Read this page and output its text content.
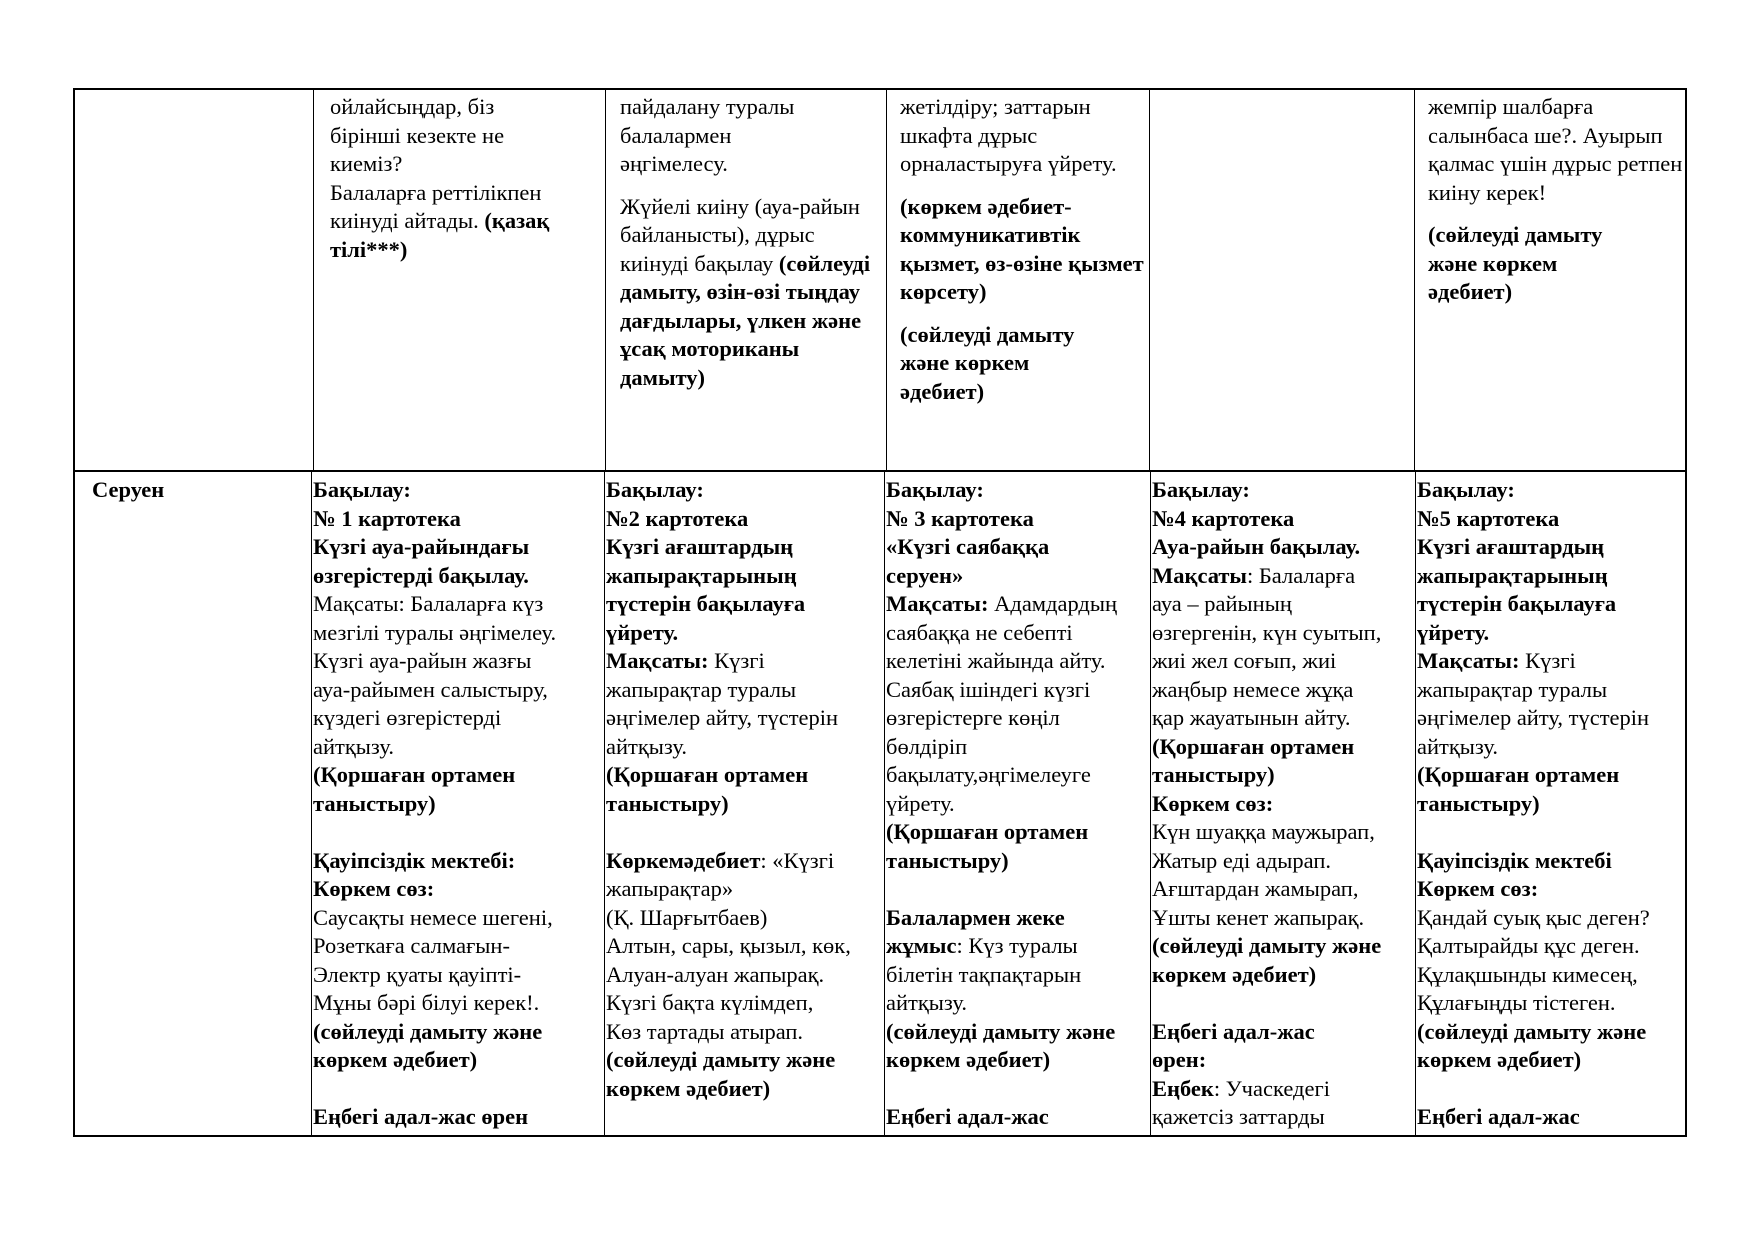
ойлайсыңдар, біз
бірінші кезекте не
киеміз?
Балаларға реттілікпен
киінуді айтады. (қазақ
тілі***)
пайдалану туралы
балалармен
әңгімелесу.
Жүйелі киіну (ауа-райын
байланысты), дұрыс
киінуді бақылау (сөйлеуді
дамыту, өзін-өзі тыңдау
дағдылары, үлкен және
ұсақ моториканы
дамыту)
жетілдіру; заттарын
шкафта дұрыс
орналастыруға үйрету.
(көркем әдебиет-
коммуникативтік
қызмет, өз-өзіне қызмет
көрсету)
(сөйлеуді дамыту
және көркем
әдебиет)
жемпір шалбарға
салынбаса ше?. Ауырып
қалмас үшін дұрыс ретпен
киіну керек!
(сөйлеуді дамыту
және көркем
әдебиет)
Серуен	Бақылау:
№ 1 картотека
Күзгі ауа-райындағы
өзгерістерді бақылау.
Мақсаты: Балаларға күз
мезгілі туралы әңгімелеу.
Күзгі ауа-райын жазғы
ауа-райымен салыстыру,
күздегі өзгерістерді
айтқызу.
(Қоршаған ортамен
таныстыру)
Қауіпсіздік мектебі:
Көркем сөз:
Саусақты немесе шегені,
Розеткаға салмағын-
Электр қуаты қауіпті-
Мұны бәрі білуі керек!.
(сөйлеуді дамыту және
көркем әдебиет)
Еңбегі адал-жас өрен
Бақылау:
№2 картотека
Күзгі ағаштардың
жапырақтарының
түстерін бақылауға
үйрету.
Мақсаты: Күзгі
жапырақтар туралы
әңгімелер айту, түстерін
айтқызу.
(Қоршаған ортамен
таныстыру)
Көркемәдебиет: «Күзгі
жапырақтар»
(Қ. Шарғытбаев)
Алтын, сары, қызыл, көк,
Алуан-алуан жапырақ.
Күзгі бақта күлімдеп,
Көз тартады атырап.
(сөйлеуді дамыту және
көркем әдебиет)
Бақылау:
№ 3 картотека
«Күзгі саябаққа
серуен»
Мақсаты: Адамдардың
саябаққа не себепті
келетіні жайында айту.
Саябақ ішіндегі күзгі
өзгерістерге көңіл
бөлдіріп
бақылату,әңгімелеуге
үйрету.
(Қоршаған ортамен
таныстыру)
Балалармен жеке
жұмыс: Күз туралы
білетін тақпақтарын
айтқызу.
(сөйлеуді дамыту және
көркем әдебиет)
Еңбегі адал-жас
Бақылау:
№4 картотека
Ауа-райын бақылау.
Мақсаты: Балаларға
ауа – райының
өзгергенін, күн суытып,
жиі жел соғып, жиі
жаңбыр немесе жұқа
қар жауатынын айту.
(Қоршаған ортамен
таныстыру)
Көркем сөз:
Күн шуаққа маужырап,
Жатыр еді адырап.
Ағштардан жамырап,
Ұшты кенет жапырақ.
(сөйлеуді дамыту және
көркем әдебиет)
Еңбегі адал-жас
өрен:
Еңбек: Учаскедегі
қажетсіз заттарды
Бақылау:
№5 картотека
Күзгі ағаштардың
жапырақтарының
түстерін бақылауға
үйрету.
Мақсаты: Күзгі
жапырақтар туралы
әңгімелер айту, түстерін
айтқызу.
(Қоршаған ортамен
таныстыру)
Қауіпсіздік мектебі
Көркем сөз:
Қандай суық қыс деген?
Қалтырайды құс деген.
Құлақшынды кимесең,
Құлағыңды тістеген.
(сөйлеуді дамыту және
көркем әдебиет)
Еңбегі адал-жас
